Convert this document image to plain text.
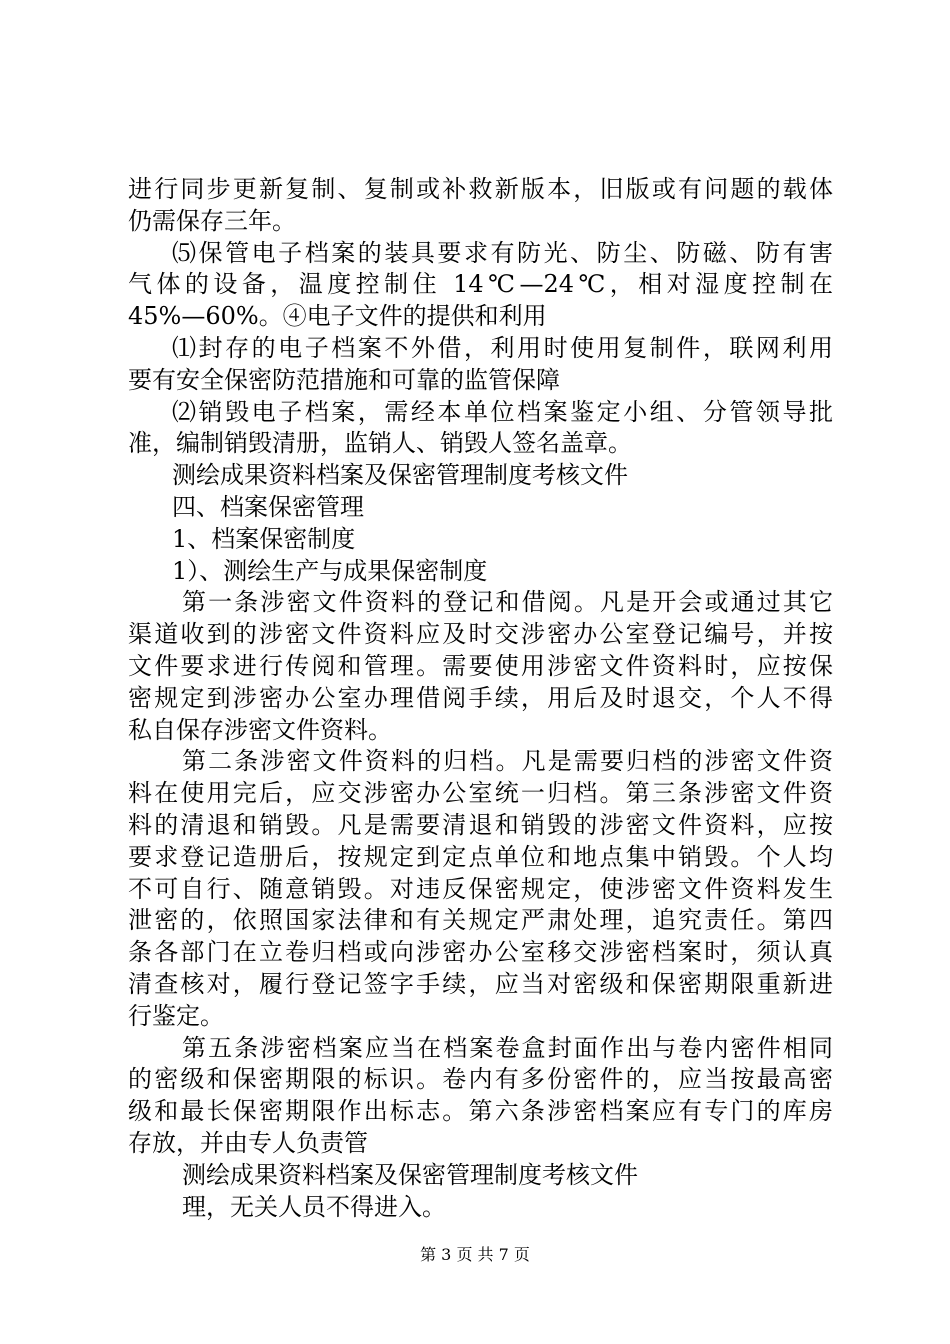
进行同步更新复制、复制或补救新版本，旧版或有问题的载体
仍需保存三年。
⑸保管电子档案的装具要求有防光、防尘、防磁、防有害
气体的设备，温度控制住 14℃—24℃，相对湿度控制在
45%—60%。④电子文件的提供和利用
⑴封存的电子档案不外借，利用时使用复制件，联网利用
要有安全保密防范措施和可靠的监管保障
⑵销毁电子档案，需经本单位档案鉴定小组、分管领导批
准，编制销毁清册，监销人、销毁人签名盖章。
测绘成果资料档案及保密管理制度考核文件
四、档案保密管理
1、档案保密制度
1）、测绘生产与成果保密制度
第一条涉密文件资料的登记和借阅。凡是开会或通过其它
渠道收到的涉密文件资料应及时交涉密办公室登记编号，并按
文件要求进行传阅和管理。需要使用涉密文件资料时，应按保
密规定到涉密办公室办理借阅手续，用后及时退交，个人不得
私自保存涉密文件资料。
第二条涉密文件资料的归档。凡是需要归档的涉密文件资
料在使用完后，应交涉密办公室统一归档。第三条涉密文件资
料的清退和销毁。凡是需要清退和销毁的涉密文件资料，应按
要求登记造册后，按规定到定点单位和地点集中销毁。个人均
不可自行、随意销毁。对违反保密规定，使涉密文件资料发生
泄密的，依照国家法律和有关规定严肃处理，追究责任。第四
条各部门在立卷归档或向涉密办公室移交涉密档案时，须认真
清查核对，履行登记签字手续，应当对密级和保密期限重新进
行鉴定。
第五条涉密档案应当在档案卷盒封面作出与卷内密件相同
的密级和保密期限的标识。卷内有多份密件的，应当按最高密
级和最长保密期限作出标志。第六条涉密档案应有专门的库房
存放，并由专人负责管
测绘成果资料档案及保密管理制度考核文件
理，无关人员不得进入。
第 3 页 共 7 页
